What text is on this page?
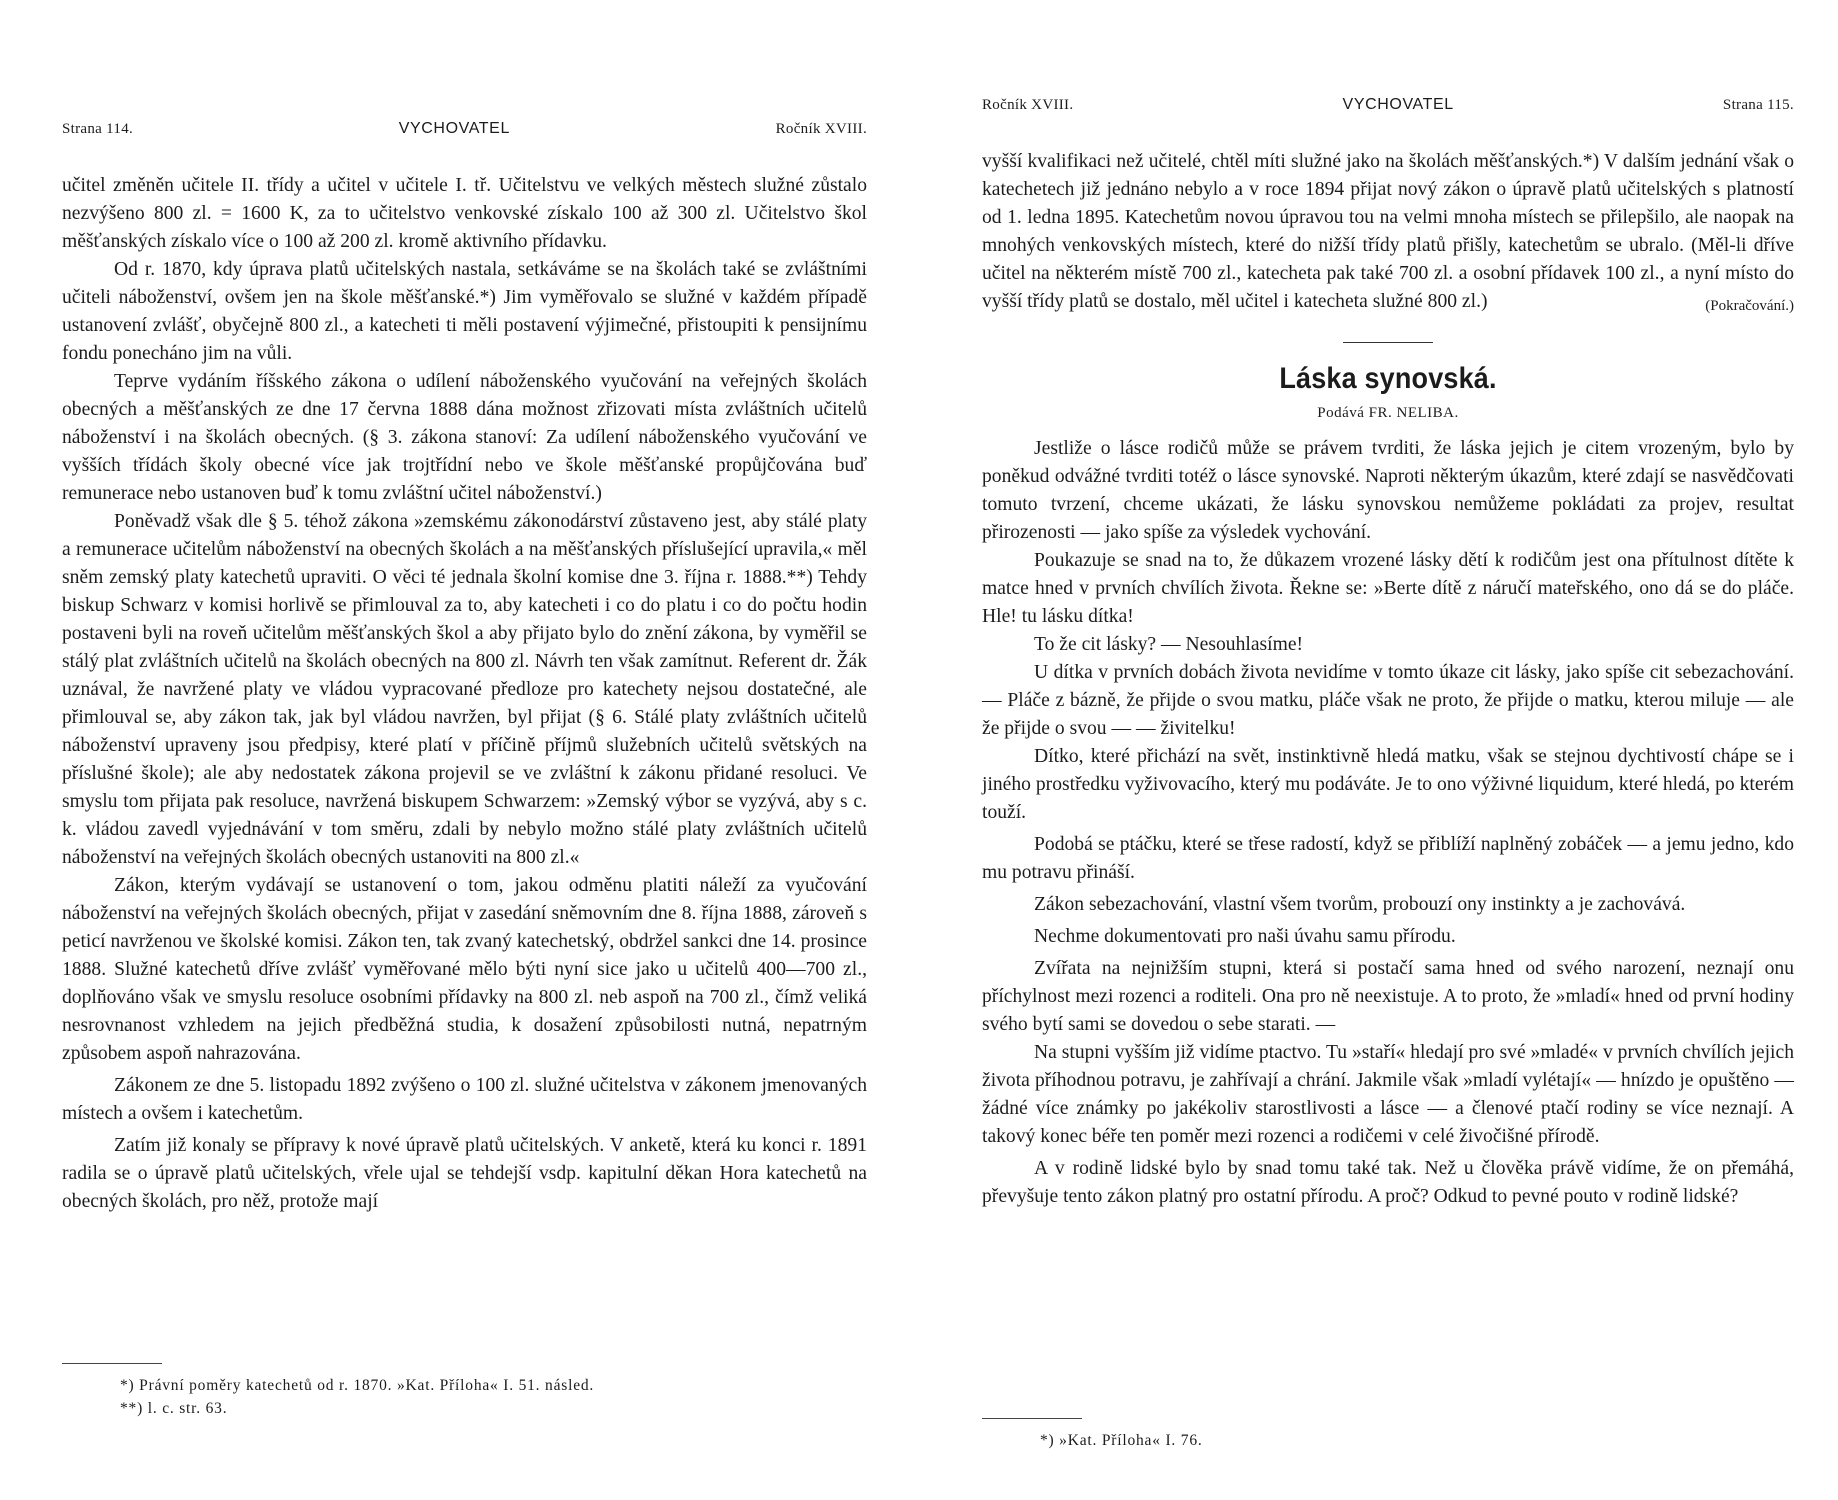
Strana 114.	VYCHOVATEL	Ročník XVIII.

učitel změněn učitele II. třídy a učitel v učitele I. tř. Učitelstvu ve velkých městech služné zůstalo nezvýšeno 800 zl. = 1600 K, za to učitelstvo venkovské získalo 100 až 300 zl. Učitelstvo škol měšťanských získalo více o 100 až 200 zl. kromě aktivního přídavku.

Od r. 1870, kdy úprava platů učitelských nastala, setkáváme se na školách také se zvláštními učiteli náboženství, ovšem jen na škole měšťanské.*) Jim vyměřovalo se služné v každém případě ustanovení zvlášť, obyčejně 800 zl., a katecheti ti měli postavení výjimečné, přistoupiti k pensijnímu fondu ponecháno jim na vůli.

Teprve vydáním říšského zákona o udílení náboženského vyučování na veřejných školách obecných a měšťanských ze dne 17 června 1888 dána možnost zřizovati místa zvláštních učitelů náboženství i na školách obecných. (§ 3. zákona stanoví: Za udílení náboženského vyučování ve vyšších třídách školy obecné více jak trojtřídní nebo ve škole měšťanské propůjčována buď remunerace nebo ustanoven buď k tomu zvláštní učitel náboženství.)

Poněvadž však dle § 5. téhož zákona »zemskému zákonodárství zůstaveno jest, aby stálé platy a remunerace učitelům náboženství na obecných školách a na měšťanských příslušející upravila,« měl sněm zemský platy katechetů upraviti. O věci té jednala školní komise dne 3. října r. 1888.**) Tehdy biskup Schwarz v komisi horlivě se přimlouval za to, aby katecheti i co do platu i co do počtu hodin postaveni byli na roveň učitelům měšťanských škol a aby přijato bylo do znění zákona, by vyměřil se stálý plat zvláštních učitelů na školách obecných na 800 zl. Návrh ten však zamítnut. Referent dr. Žák uznával, že navržené platy ve vládou vypracované předloze pro katechety nejsou dostatečné, ale přimlouval se, aby zákon tak, jak byl vládou navržen, byl přijat (§ 6. Stálé platy zvláštních učitelů náboženství upraveny jsou předpisy, které platí v příčině příjmů služebních učitelů světských na příslušné škole); ale aby nedostatek zákona projevil se ve zvláštní k zákonu přidané resoluci. Ve smyslu tom přijata pak resoluce, navržená biskupem Schwarzem: »Zemský výbor se vyzývá, aby s c. k. vládou zavedl vyjednávání v tom směru, zdali by nebylo možno stálé platy zvláštních učitelů náboženství na veřejných školách obecných ustanoviti na 800 zl.«

Zákon, kterým vydávají se ustanovení o tom, jakou odměnu platiti náleží za vyučování náboženství na veřejných školách obecných, přijat v zasedání sněmovním dne 8. října 1888, zároveň s peticí navrženou ve školské komisi. Zákon ten, tak zvaný katechetský, obdržel sankci dne 14. prosince 1888. Služné katechetů dříve zvlášť vyměřované mělo býti nyní sice jako u učitelů 400—700 zl., doplňováno však ve smyslu resoluce osobními přídavky na 800 zl. neb aspoň na 700 zl., čímž veliká nesrovnanost vzhledem na jejich předběžná studia, k dosažení způsobilosti nutná, nepatrným způsobem aspoň nahrazována.

Zákonem ze dne 5. listopadu 1892 zvýšeno o 100 zl. služné učitelstva v zákonem jmenovaných místech a ovšem i katechetům.

Zatím již konaly se přípravy k nové úpravě platů učitelských. V anketě, která ku konci r. 1891 radila se o úpravě platů učitelských, vřele ujal se tehdejší vsdp. kapitulní děkan Hora katechetů na obecných školách, pro něž, protože mají

*) Právní poměry katechetů od r. 1870. »Kat. Příloha« I. 51. násled.
**) l. c. str. 63.
Ročník XVIII.	VYCHOVATEL	Strana 115.

vyšší kvalifikaci než učitelé, chtěl míti služné jako na školách měšťanských.*) V dalším jednání však o katechetech již jednáno nebylo a v roce 1894 přijat nový zákon o úpravě platů učitelských s platností od 1. ledna 1895. Katechetům novou úpravou tou na velmi mnoha místech se přilepšilo, ale naopak na mnohých venkovských místech, které do nižší třídy platů přišly, katechetům se ubralo. (Měl-li dříve učitel na některém místě 700 zl., katecheta pak také 700 zl. a osobní přídavek 100 zl., a nyní místo do vyšší třídy platů se dostalo, měl učitel i katecheta služné 800 zl.)	(Pokračování.)

Láska synovská.
Podává FR. NELIBA.

Jestliže o lásce rodičů může se právem tvrditi, že láska jejich je citem vrozeným, bylo by poněkud odvážné tvrditi totéž o lásce synovské. Naproti některým úkazům, které zdají se nasvědčovati tomuto tvrzení, chceme ukázati, že lásku synovskou nemůžeme pokládati za projev, resultat přirozenosti — jako spíše za výsledek vychování.

Poukazuje se snad na to, že důkazem vrozené lásky dětí k rodičům jest ona přítulnost dítěte k matce hned v prvních chvílích života. Řekne se: »Berte dítě z náručí mateřského, ono dá se do pláče. Hle! tu lásku dítka!

To že cit lásky? — Nesouhlasíme!

U dítka v prvních dobách života nevidíme v tomto úkaze cit lásky, jako spíše cit sebezachování. — Pláče z bázně, že přijde o svou matku, pláče však ne proto, že přijde o matku, kterou miluje — ale že přijde o svou — — živitelku!

Dítko, které přichází na svět, instinktivně hledá matku, však se stejnou dychtivostí chápe se i jiného prostředku vyživovacího, který mu podáváte. Je to ono výživné liquidum, které hledá, po kterém touží.

Podobá se ptáčku, které se třese radostí, když se přiblíží naplněný zobáček — a jemu jedno, kdo mu potravu přináší.

Zákon sebezachování, vlastní všem tvorům, probouzí ony instinkty a je zachovává.

Nechme dokumentovati pro naši úvahu samu přírodu.

Zvířata na nejnižším stupni, která si postačí sama hned od svého narození, neznají onu příchylnost mezi rozenci a roditeli. Ona pro ně neexistuje. A to proto, že »mladí« hned od první hodiny svého bytí sami se dovedou o sebe starati. —

Na stupni vyšším již vidíme ptactvo. Tu »staří« hledají pro své »mladé« v prvních chvílích jejich života příhodnou potravu, je zahřívají a chrání. Jakmile však »mladí vylétají« — hnízdo je opuštěno — žádné více známky po jakékoliv starostlivosti a lásce — a členové ptačí rodiny se více neznají. A takový konec béře ten poměr mezi rozenci a rodičemi v celé živočišné přírodě.

A v rodině lidské bylo by snad tomu také tak. Než u člověka právě vidíme, že on přemáhá, převyšuje tento zákon platný pro ostatní přírodu. A proč? Odkud to pevné pouto v rodině lidské?

*) »Kat. Příloha« I. 76.
